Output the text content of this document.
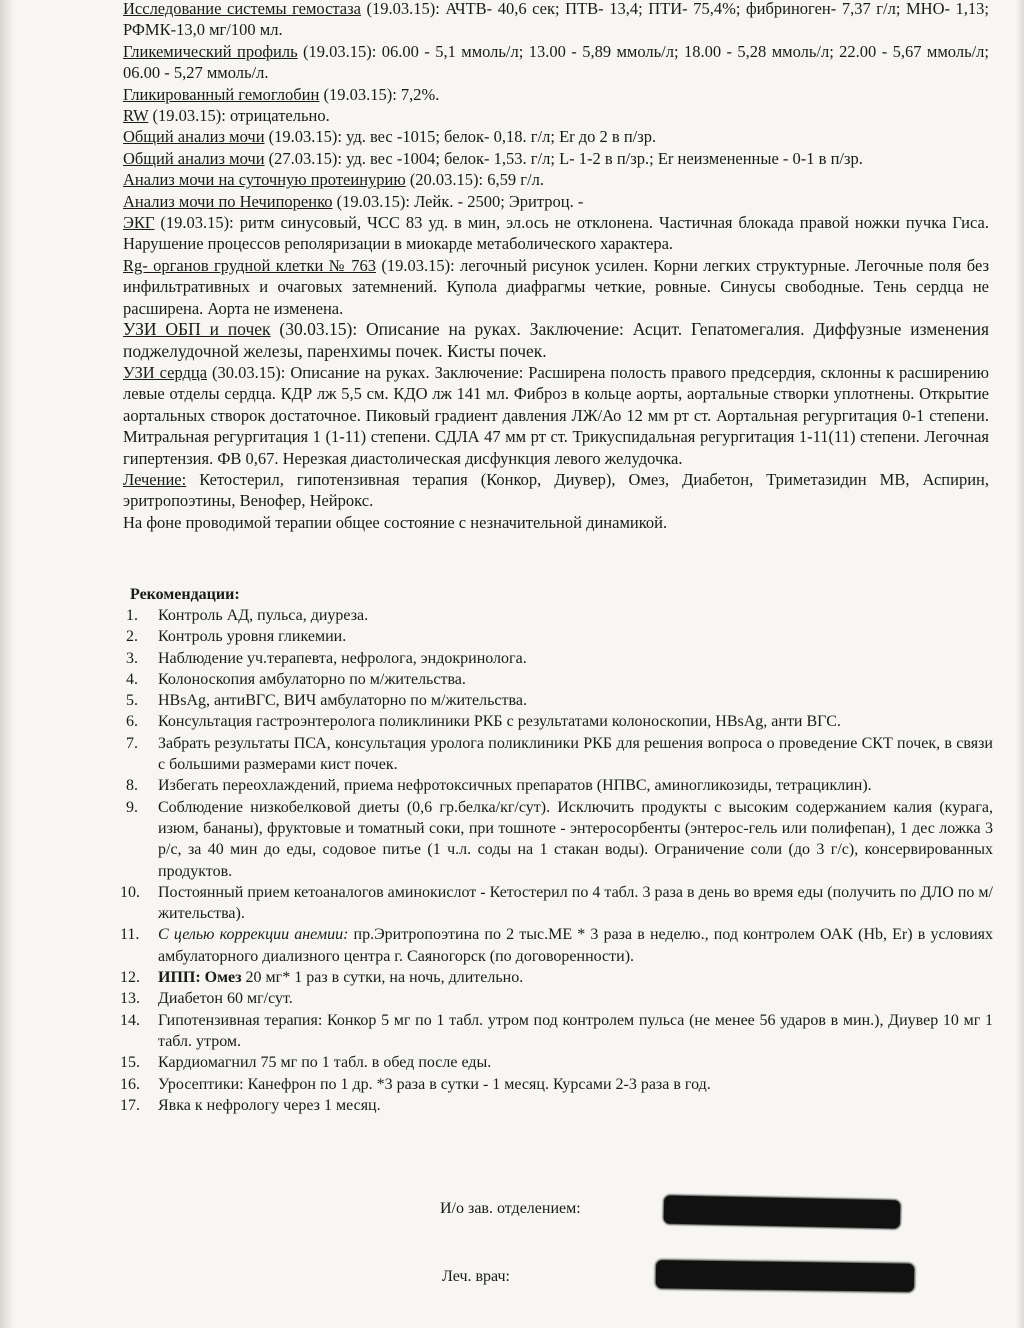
Исследование системы гемостаза (19.03.15): АЧТВ- 40,6 сек; ПТВ- 13,4; ПТИ- 75,4%; фибриноген- 7,37 г/л; МНО- 1,13; РФМК-13,0 мг/100 мл.

Гликемический профиль (19.03.15): 06.00 - 5,1 ммоль/л; 13.00 - 5,89 ммоль/л; 18.00 - 5,28 ммоль/л; 22.00 - 5,67 ммоль/л; 06.00 - 5,27 ммоль/л.

Гликированный гемоглобин (19.03.15): 7,2%.

RW (19.03.15): отрицательно.

Общий анализ мочи (19.03.15): уд. вес -1015; белок- 0,18. г/л; Er до 2 в п/зр.

Общий анализ мочи (27.03.15): уд. вес -1004; белок- 1,53. г/л; L- 1-2 в п/зр.; Er неизмененные - 0-1 в п/зр.

Анализ мочи на суточную протеинурию (20.03.15): 6,59 г/л.

Анализ мочи по Нечипоренко (19.03.15): Лейк. - 2500; Эритроц. -

ЭКГ (19.03.15): ритм синусовый, ЧСС 83 уд. в мин, эл.ось не отклонена. Частичная блокада правой ножки пучка Гиса. Нарушение процессов реполяризации в миокарде метаболического характера.

Rg- органов грудной клетки № 763 (19.03.15): легочный рисунок усилен. Корни легких структурные. Легочные поля без инфильтративных и очаговых затемнений. Купола диафрагмы четкие, ровные. Синусы свободные. Тень сердца не расширена. Аорта не изменена.

УЗИ ОБП и почек (30.03.15): Описание на руках. Заключение: Асцит. Гепатомегалия. Диффузные изменения поджелудочной железы, паренхимы почек. Кисты почек.

УЗИ сердца (30.03.15): Описание на руках. Заключение: Расширена полость правого предсердия, склонны к расширению левые отделы сердца. КДР лж 5,5 см. КДО лж 141 мл. Фиброз в кольце аорты, аортальные створки уплотнены. Открытие аортальных створок достаточное. Пиковый градиент давления ЛЖ/Ао 12 мм рт ст. Аортальная регургитация 0-1 степени. Митральная регургитация 1 (1-11) степени. СДЛА 47 мм рт ст. Трикуспидальная регургитация 1-11(11) степени. Легочная гипертензия. ФВ 0,67. Нерезкая диастолическая дисфункция левого желудочка.

Лечение: Кетостерил, гипотензивная терапия (Конкор, Диувер), Омез, Диабетон, Триметазидин МВ, Аспирин, эритропоэтины, Венофер, Нейрокс.

На фоне проводимой терапии общее состояние с незначительной динамикой.

Рекомендации:
1. Контроль АД, пульса, диуреза.
2. Контроль уровня гликемии.
3. Наблюдение уч.терапевта, нефролога, эндокринолога.
4. Колоноскопия амбулаторно по м/жительства.
5. HBsAg, антиВГС, ВИЧ амбулаторно по м/жительства.
6. Консультация гастроэнтеролога поликлиники РКБ с результатами колоноскопии, HBsAg, анти ВГС.
7. Забрать результаты ПСА, консультация уролога поликлиники РКБ для решения вопроса о проведение СКТ почек, в связи с большими размерами кист почек.
8. Избегать переохлаждений, приема нефротоксичных препаратов (НПВС, аминогликозиды, тетрациклин).
9. Соблюдение низкобелковой диеты (0,6 гр.белка/кг/сут). Исключить продукты с высоким содержанием калия (курага, изюм, бананы), фруктовые и томатный соки, при тошноте - энтеросорбенты (энтерос-гель или полифепан), 1 дес ложка 3 р/с, за 40 мин до еды, содовое питье (1 ч.л. соды на 1 стакан воды). Ограничение соли (до 3 г/с), консервированных продуктов.
10. Постоянный прием кетоаналогов аминокислот - Кетостерил по 4 табл. 3 раза в день во время еды (получить по ДЛО по м/жительства).
11. С целью коррекции анемии: пр.Эритропоэтина по 2 тыс.МЕ * 3 раза в неделю., под контролем ОАК (Hb, Er) в условиях амбулаторного диализного центра г. Саяногорск (по договоренности).
12. ИПП: Омез 20 мг* 1 раз в сутки, на ночь, длительно.
13. Диабетон 60 мг/сут.
14. Гипотензивная терапия: Конкор 5 мг по 1 табл. утром под контролем пульса (не менее 56 ударов в мин.), Диувер 10 мг 1 табл. утром.
15. Кардиомагнил 75 мг по 1 табл. в обед после еды.
16. Уросептики: Канефрон по 1 др. *3 раза в сутки - 1 месяц. Курсами 2-3 раза в год.
17. Явка к нефрологу через 1 месяц.
И/о зав. отделением:
Леч. врач:
